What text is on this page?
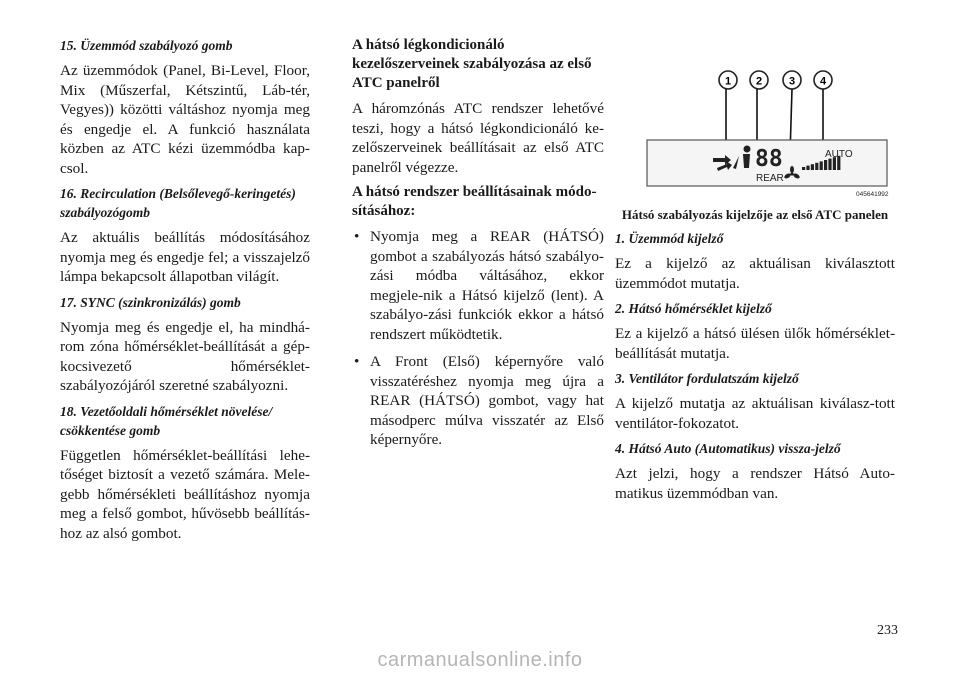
15. Üzemmód szabályozó gomb

Az üzemmódok (Panel, Bi-Level, Floor, Mix (Műszerfal, Kétszintű, Láb-tér, Vegyes)) közötti váltáshoz nyomja meg és engedje el. A funkció használata közben az ATC kézi üzemmódba kap-csol.

16. Recirculation (Belsőlevegő-keringetés) szabályozógomb

Az aktuális beállítás módosításához nyomja meg és engedje fel; a visszajelző lámpa bekapcsolt állapotban világít.

17. SYNC (szinkronizálás) gomb

Nyomja meg és engedje el, ha mindhá-rom zóna hőmérséklet-beállítását a gép-kocsivezető hőmérséklet-szabályozójáról szeretné szabályozni.

18. Vezetőoldali hőmérséklet növelése/ csökkentése gomb

Független hőmérséklet-beállítási lehe-tőséget biztosít a vezető számára. Mele-gebb hőmérsékleti beállításhoz nyomja meg a felső gombot, hűvösebb beállítás-hoz az alsó gombot.

A hátsó légkondicionáló kezelőszerveinek szabályozása az első ATC panelről

A háromzónás ATC rendszer lehetővé teszi, hogy a hátsó légkondicionáló ke-zelőszerveinek beállításait az első ATC panelről végezze.

A hátsó rendszer beállításainak módo-sításához:

• Nyomja meg a REAR (HÁTSÓ) gombot a szabályozás hátsó szabályo-zási módba váltásához, ekkor megjele-nik a Hátsó kijelző (lent). A szabályo-zási funkciók ekkor a hátsó rendszert működtetik.
• A Front (Első) képernyőre való visszatéréshez nyomja meg újra a REAR (HÁTSÓ) gombot, vagy hat másodperc múlva visszatér az Első képernyőre.
1 2 3 4
88
REAR
AUTO
045641992

Hátsó szabályozás kijelzője az első ATC panelen

1. Üzemmód kijelző

Ez a kijelző az aktuálisan kiválasztott üzemmódot mutatja.

2. Hátsó hőmérséklet kijelző

Ez a kijelző a hátsó ülésen ülők hőmérséklet-beállítását mutatja.

3. Ventilátor fordulatszám kijelző

A kijelző mutatja az aktuálisan kiválasz-tott ventilátor-fokozatot.

4. Hátsó Auto (Automatikus) vissza-jelző

Azt jelzi, hogy a rendszer Hátsó Auto-matikus üzemmódban van.

233
carmanualsonline.info
